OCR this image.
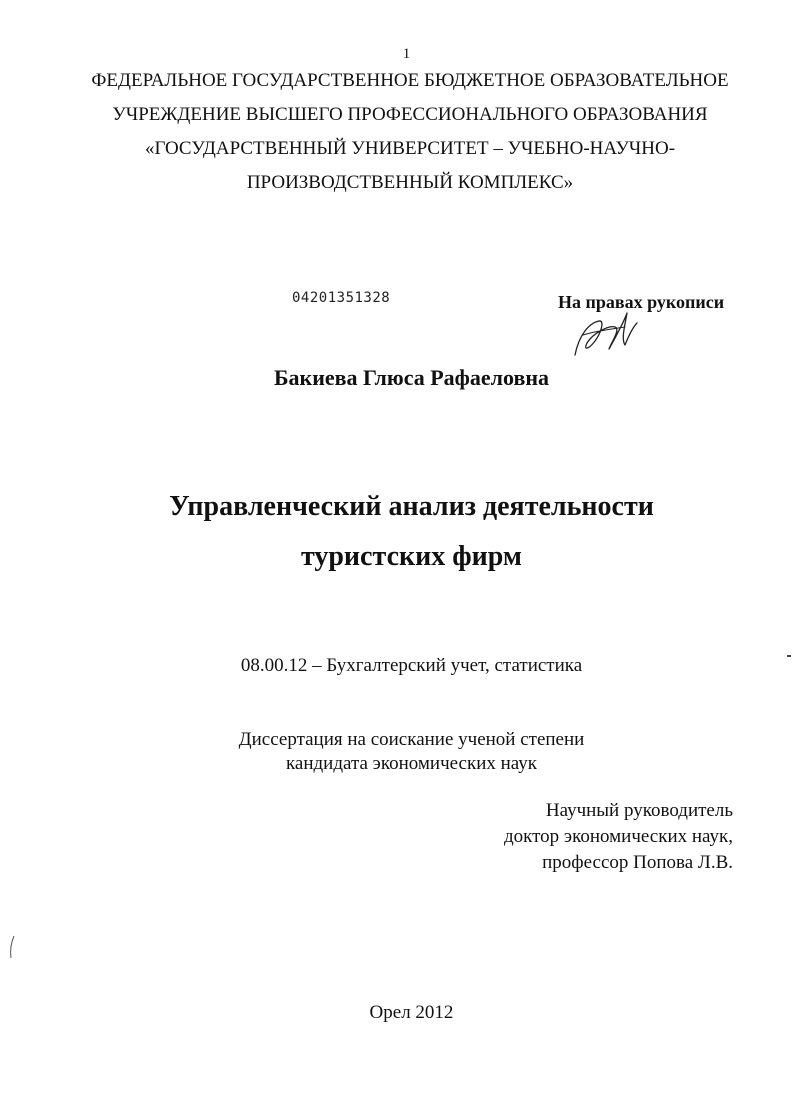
1
ФЕДЕРАЛЬНОЕ ГОСУДАРСТВЕННОЕ БЮДЖЕТНОЕ ОБРАЗОВАТЕЛЬНОЕ
УЧРЕЖДЕНИЕ ВЫСШЕГО ПРОФЕССИОНАЛЬНОГО ОБРАЗОВАНИЯ
«ГОСУДАРСТВЕННЫЙ УНИВЕРСИТЕТ – УЧЕБНО-НАУЧНО-
ПРОИЗВОДСТВЕННЫЙ КОМПЛЕКС»
04201351328	На правах рукописи
Бакиева Глюса Рафаеловна
Управленческий анализ деятельности
туристских фирм
08.00.12 – Бухгалтерский учет, статистика
Диссертация на соискание ученой степени
кандидата экономических наук
Научный руководитель
доктор экономических наук,
профессор Попова Л.В.
Орел 2012
